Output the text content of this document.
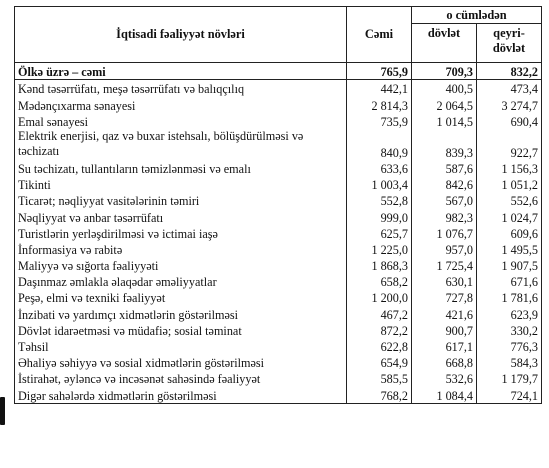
İqtisadi fəaliyyət növləri	Cəmi	o cümlədən	
		dövlət	qeyri-dövlət
Ölkə üzrə – cəmi	765,9	709,3	832,2
Kənd təsərrüfatı, meşə təsərrüfatı və balıqçılıq	442,1	400,5	473,4
Mədənçıxarma sənayesi	2 814,3	2 064,5	3 274,7
Emal sənayesi	735,9	1 014,5	690,4
Elektrik enerjisi, qaz və buxar istehsalı, bölüşdürülməsi və təchizatı	840,9	839,3	922,7
Su təchizatı, tullantıların təmizlənməsi və emalı	633,6	587,6	1 156,3
Tikinti	1 003,4	842,6	1 051,2
Ticarət; nəqliyyat vasitələrinin təmiri	552,8	567,0	552,6
Nəqliyyat və anbar təsərrüfatı	999,0	982,3	1 024,7
Turistlərin yerləşdirilməsi və ictimai iaşə	625,7	1 076,7	609,6
İnformasiya və rabitə	1 225,0	957,0	1 495,5
Maliyyə və sığorta fəaliyyəti	1 868,3	1 725,4	1 907,5
Daşınmaz əmlakla əlaqədar əməliyyatlar	658,2	630,1	671,6
Peşə, elmi və texniki fəaliyyət	1 200,0	727,8	1 781,6
İnzibati və yardımçı xidmətlərin göstərilməsi	467,2	421,6	623,9
Dövlət idarəetməsi və müdafiə; sosial təminat	872,2	900,7	330,2
Təhsil	622,8	617,1	776,3
Əhaliyə səhiyyə və sosial xidmətlərin göstərilməsi	654,9	668,8	584,3
İstirahət, əyləncə və incəsənət sahəsində fəaliyyət	585,5	532,6	1 179,7
Digər sahələrdə xidmətlərin göstərilməsi	768,2	1 084,4	724,1
